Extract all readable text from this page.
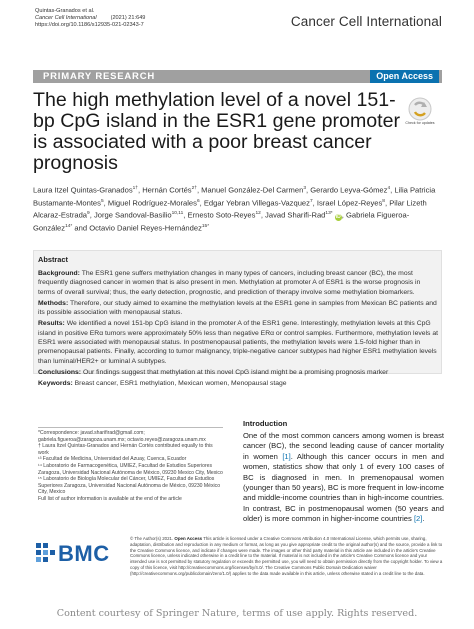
Quintas-Granados et al.
Cancer Cell International	(2021) 21:649
https://doi.org/10.1186/s12935-021-02343-7	Cancer Cell International
PRIMARY RESEARCH	Open Access
The high methylation level of a novel 151-bp CpG island in the ESR1 gene promoter is associated with a poor breast cancer prognosis
Check for updates
Laura Itzel Quintas-Granados$^{1\dagger}$, Hernán Cortés$^{2\dagger}$, Manuel González-Del Carmen$^3$, Gerardo Leyva-Gómez$^4$, Lilia Patricia Bustamante-Montes$^5$, Miguel Rodríguez-Morales$^6$, Edgar Yebran Villegas-Vazquez$^7$, Israel López-Reyes$^8$, Pilar Lizeth Alcaraz-Estrada$^9$, Jorge Sandoval-Basilio$^{10,11}$, Ernesto Soto-Reyes$^{12}$, Javad Sharifi-Rad$^{13*}$ iD, Gabriela Figueroa-González$^{14*}$ and Octavio Daniel Reyes-Hernández$^{15*}$
Abstract

Background: The ESR1 gene suffers methylation changes in many types of cancers, including breast cancer (BC), the most frequently diagnosed cancer in women that is also present in men. Methylation at promoter A of ESR1 is the worse prognosis in terms of overall survival; thus, the early detection, prognostic, and prediction of therapy involve some methylation biomarkers.

Methods: Therefore, our study aimed to examine the methylation levels at the ESR1 gene in samples from Mexican BC patients and its possible association with menopausal status.

Results: We identified a novel 151-bp CpG island in the promoter A of the ESR1 gene. Interestingly, methylation levels at this CpG island in positive ERα tumors were approximately 50% less than negative ERα or control samples. Furthermore, methylation levels at ESR1 were associated with menopausal status. In postmenopausal patients, the methylation levels were 1.5-fold higher than in premenopausal patients. Finally, according to tumor malignancy, triple-negative cancer subtypes had higher ESR1 methylation levels than luminal/HER2+ or luminal A subtypes.

Conclusions: Our findings suggest that methylation at this novel CpG island might be a promising prognosis marker

Keywords: Breast cancer, ESR1 methylation, Mexican women, Menopausal stage

*Correspondence: javad.sharifirad@gmail.com;
gabriela.figueroa@zaragoza.unam.mx; octavio.reyes@zaragoza.unam.mx
† Laura Itzel Quintas-Granados and Hernán Cortés contributed equally to this work
¹³ Facultad de Medicina, Universidad del Azuay, Cuenca, Ecuador
¹⁴ Laboratorio de Farmacogenética, UMIEZ, Facultad de Estudios Superiores Zaragoza, Universidad Nacional Autónoma de México, 09230 Mexico City, Mexico
¹⁵ Laboratorio de Biología Molecular del Cáncer, UMIEZ, Facultad de Estudios Superiores Zaragoza, Universidad Nacional Autónoma de México, 09230 México City, Mexico
Full list of author information is available at the end of the article
Introduction
One of the most common cancers among women is breast cancer (BC), the second leading cause of cancer mortality in women [1]. Although this cancer occurs in men and women, statistics show that only 1 of every 100 cases of BC is diagnosed in men. In premenopausal women (younger than 50 years), BC is more frequent in low-income and middle-income countries than in high-income countries. In contrast, BC in postmenopausal women (50 years and older) is more common in higher-income countries [2].
BMC
© The Author(s) 2021. Open Access This article is licensed under a Creative Commons Attribution 4.0 International License, which permits use, sharing, adaptation, distribution and reproduction in any medium or format, as long as you give appropriate credit to the original author(s) and the source, provide a link to the Creative Commons licence, and indicate if changes were made. The images or other third party material in this article are included in the article's Creative Commons licence, unless indicated otherwise in a credit line to the material. If material is not included in the article's Creative Commons licence and your intended use is not permitted by statutory regulation or exceeds the permitted use, you will need to obtain permission directly from the copyright holder. To view a copy of this licence, visit http://creativecommons.org/licenses/by/4.0/. The Creative Commons Public Domain Dedication waiver (http://creativecommons.org/publicdomain/zero/1.0/) applies to the data made available in this article, unless otherwise stated in a credit line to the data.
Content courtesy of Springer Nature, terms of use apply. Rights reserved.
